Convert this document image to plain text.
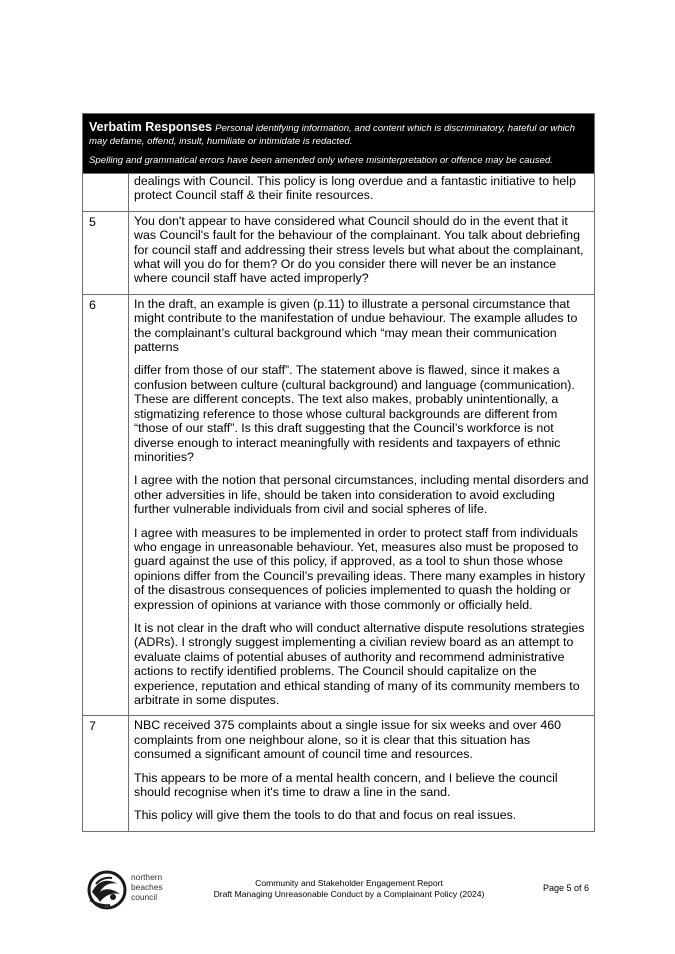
Verbatim Responses Personal identifying information, and content which is discriminatory, hateful or which may defame, offend, insult, humiliate or intimidate is redacted.
Spelling and grammatical errors have been amended only where misinterpretation or offence may be caused.

dealings with Council. This policy is long overdue and a fantastic initiative to help protect Council staff & their finite resources.

5	You don't appear to have considered what Council should do in the event that it was Council's fault for the behaviour of the complainant. You talk about debriefing for council staff and addressing their stress levels but what about the complainant, what will you do for them? Or do you consider there will never be an instance where council staff have acted improperly?

6	In the draft, an example is given (p.11) to illustrate a personal circumstance that might contribute to the manifestation of undue behaviour. The example alludes to the complainant’s cultural background which “may mean their communication patterns

differ from those of our staff”. The statement above is flawed, since it makes a confusion between culture (cultural background) and language (communication). These are different concepts. The text also makes, probably unintentionally, a stigmatizing reference to those whose cultural backgrounds are different from “those of our staff”. Is this draft suggesting that the Council’s workforce is not diverse enough to interact meaningfully with residents and taxpayers of ethnic minorities?

I agree with the notion that personal circumstances, including mental disorders and other adversities in life, should be taken into consideration to avoid excluding further vulnerable individuals from civil and social spheres of life.

I agree with measures to be implemented in order to protect staff from individuals who engage in unreasonable behaviour. Yet, measures also must be proposed to guard against the use of this policy, if approved, as a tool to shun those whose opinions differ from the Council’s prevailing ideas. There many examples in history of the disastrous consequences of policies implemented to quash the holding or expression of opinions at variance with those commonly or officially held.

It is not clear in the draft who will conduct alternative dispute resolutions strategies (ADRs). I strongly suggest implementing a civilian review board as an attempt to evaluate claims of potential abuses of authority and recommend administrative actions to rectify identified problems. The Council should capitalize on the experience, reputation and ethical standing of many of its community members to arbitrate in some disputes.

7	NBC received 375 complaints about a single issue for six weeks and over 460 complaints from one neighbour alone, so it is clear that this situation has consumed a significant amount of council time and resources.

This appears to be more of a mental health concern, and I believe the council should recognise when it's time to draw a line in the sand.

This policy will give them the tools to do that and focus on real issues.

northern
beaches
council
Community and Stakeholder Engagement Report
Draft Managing Unreasonable Conduct by a Complainant Policy (2024)
Page 5 of 6
